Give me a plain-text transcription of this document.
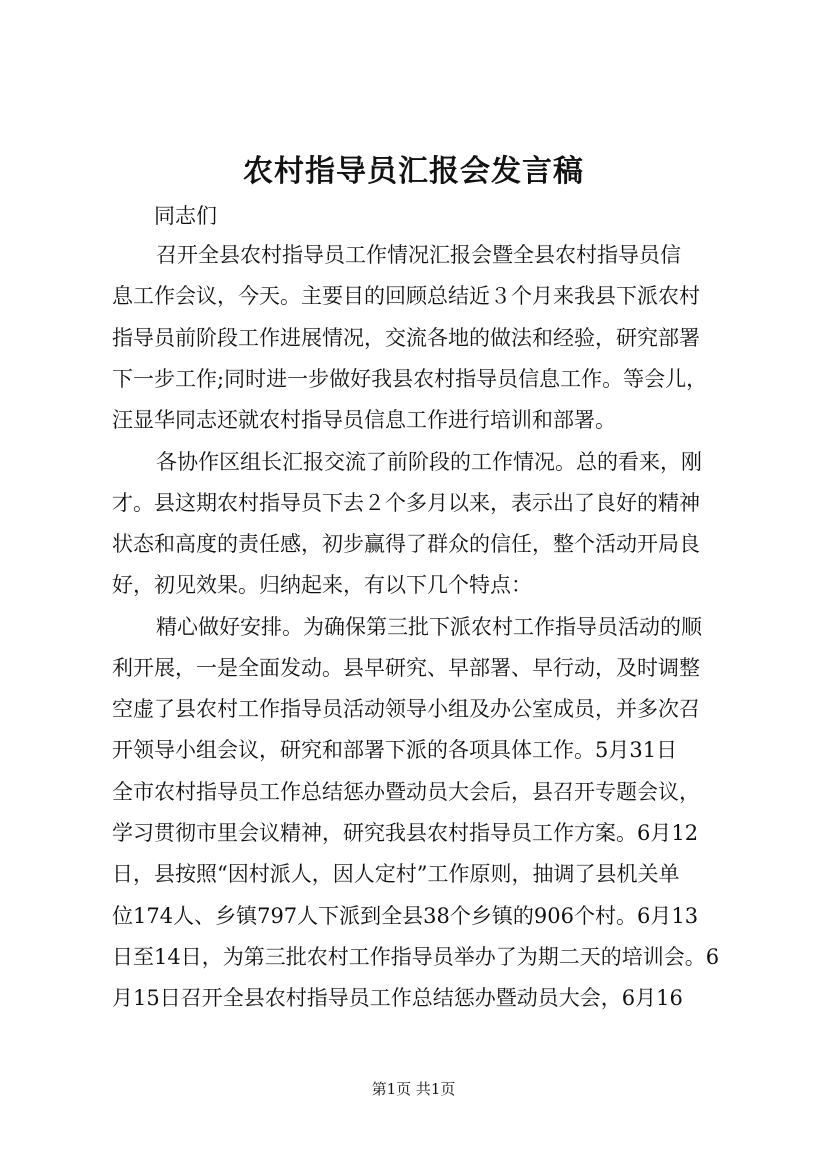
农村指导员汇报会发言稿
同志们
召开全县农村指导员工作情况汇报会暨全县农村指导员信
息工作会议，今天。主要目的回顾总结近３个月来我县下派农村
指导员前阶段工作进展情况，交流各地的做法和经验，研究部署
下一步工作;同时进一步做好我县农村指导员信息工作。等会儿，
汪显华同志还就农村指导员信息工作进行培训和部署。
各协作区组长汇报交流了前阶段的工作情况。总的看来，刚
才。县这期农村指导员下去２个多月以来，表示出了良好的精神
状态和高度的责任感，初步赢得了群众的信任，整个活动开局良
好，初见效果。归纳起来，有以下几个特点：
精心做好安排。为确保第三批下派农村工作指导员活动的顺
利开展，一是全面发动。县早研究、早部署、早行动，及时调整
空虚了县农村工作指导员活动领导小组及办公室成员，并多次召
开领导小组会议，研究和部署下派的各项具体工作。5月31日
全市农村指导员工作总结惩办暨动员大会后，县召开专题会议，
学习贯彻市里会议精神，研究我县农村指导员工作方案。6月12
日，县按照“因村派人，因人定村”工作原则，抽调了县机关单
位174人、乡镇797人下派到全县38个乡镇的906个村。6月13
日至14日，为第三批农村工作指导员举办了为期二天的培训会。6
月15日召开全县农村指导员工作总结惩办暨动员大会，6月16
第1页 共1页
